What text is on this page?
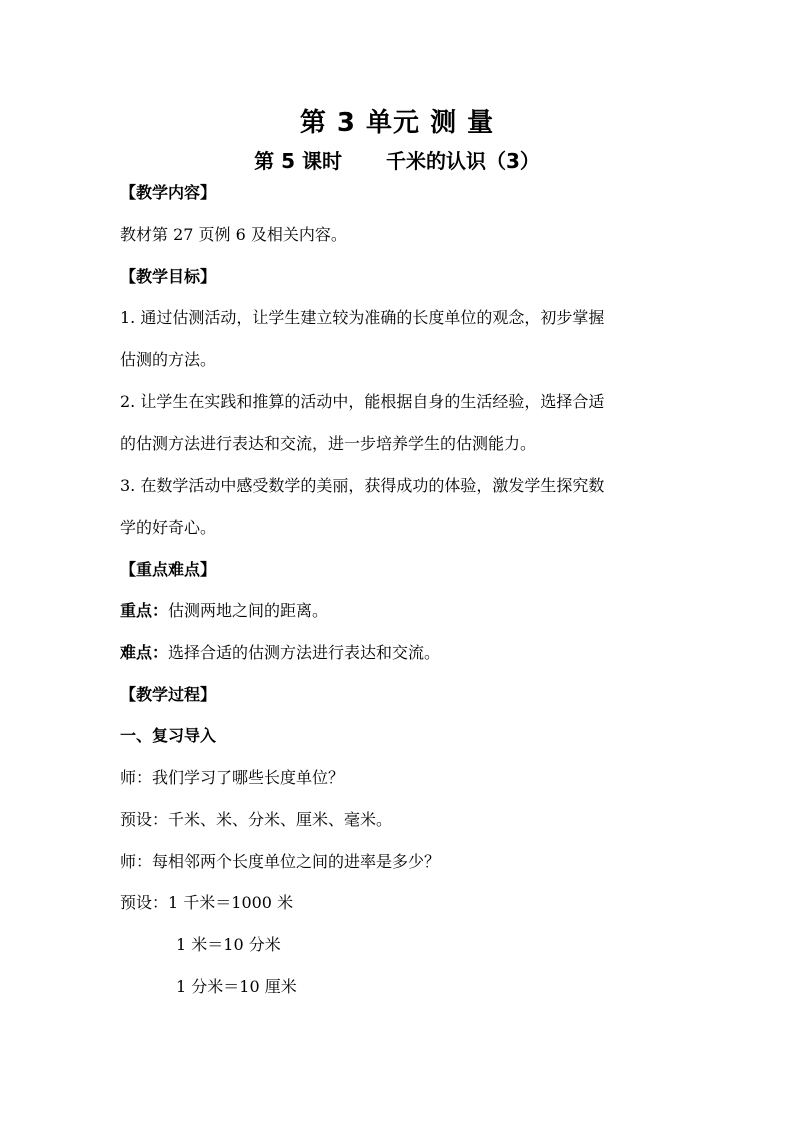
第 3 单元 测 量
第 5 课时 千米的认识（3）
【教学内容】
教材第 27 页例 6 及相关内容。
【教学目标】
1. 通过估测活动，让学生建立较为准确的长度单位的观念，初步掌握
估测的方法。
2. 让学生在实践和推算的活动中，能根据自身的生活经验，选择合适
的估测方法进行表达和交流，进一步培养学生的估测能力。
3. 在数学活动中感受数学的美丽，获得成功的体验，激发学生探究数
学的好奇心。
【重点难点】
重点：估测两地之间的距离。
难点：选择合适的估测方法进行表达和交流。
【教学过程】
一、复习导入
师：我们学习了哪些长度单位？
预设：千米、米、分米、厘米、毫米。
师：每相邻两个长度单位之间的进率是多少？
预设：1 千米＝1000 米
1 米＝10 分米
1 分米＝10 厘米
